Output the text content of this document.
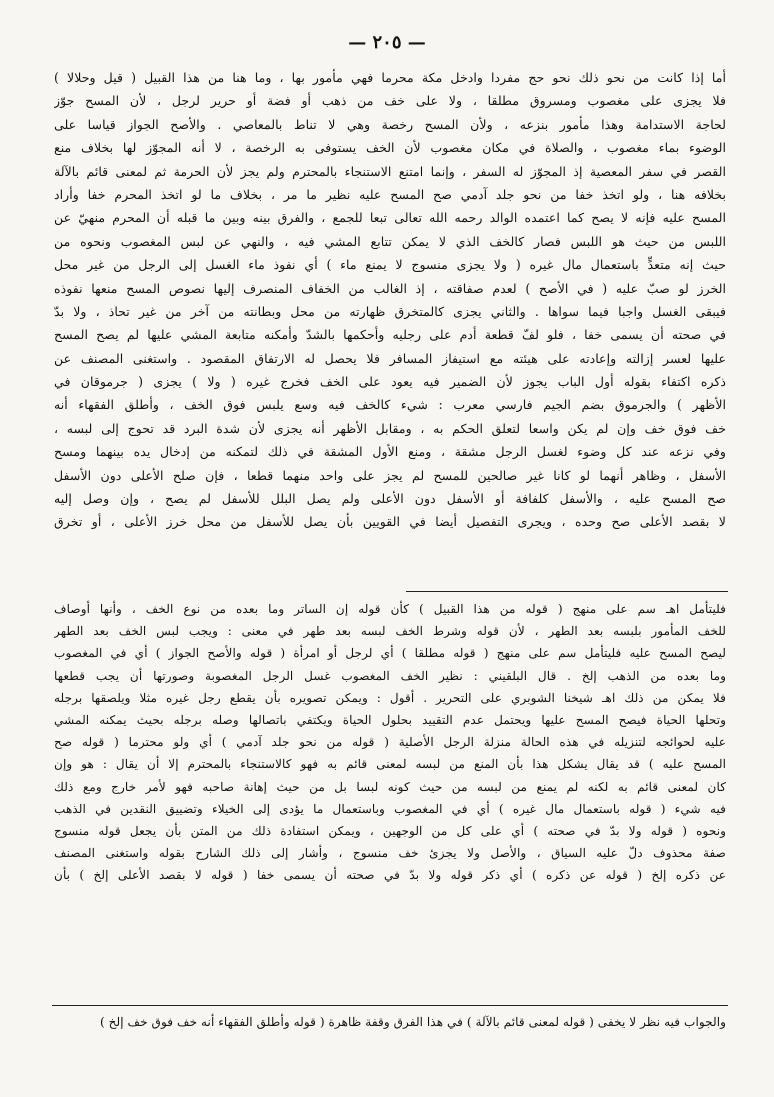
— ٢٠٥ —
أما إذا كانت من نحو ذلك نحو حج مفردا وادخل مكة محرما فهي مأمور بها ، وما هنا من هذا القبيل ( قيل وحلالا )
فلا يجزى على مغصوب ومسروق مطلقا ، ولا على خف من ذهب أو فضة أو حرير لرجل ، لأن المسح جوّز
لحاجة الاستدامة وهذا مأمور بنزعه ، ولأن المسح رخصة وهي لا تناط بالمعاصي . والأصح الجواز قياسا على
الوضوء بماء مغصوب ، والصلاة في مكان مغصوب لأن الخف يستوفى به الرخصة ، لا أنه المجوّز لها بخلاف منع
القصر في سفر المعصية إذ المجوّز له السفر ، وإنما امتنع الاستنجاء بالمحترم ولم يجز لأن الحرمة ثم لمعنى قائم بالآلة
بخلافه هنا ، ولو اتخذ خفا من نحو جلد آدمي صح المسح عليه نظير ما مر ، بخلاف ما لو اتخذ المحرم خفا وأراد
المسح عليه فإنه لا يصح كما اعتمده الوالد رحمه الله تعالى تبعا للجمع ، والفرق بينه وبين ما قبله أن المحرم منهيّ عن
اللبس من حيث هو اللبس فصار كالخف الذي لا يمكن تتابع المشي فيه ، والنهي عن لبس المغصوب ونحوه من
حيث إنه متعدٍّ باستعمال مال غيره ( ولا يجزى منسوج لا يمنع ماء ) أي نفوذ ماء الغسل إلى الرجل من غير محل
الخرز لو صبّ عليه ( في الأصح ) لعدم صفاقته ، إذ الغالب من الخفاف المنصرف إليها نصوص المسح منعها نفوذه
فيبقى الغسل واجبا فيما سواها . والثاني يجزى كالمتخرق ظهارته من محل وبطانته من آخر من غير تحاذ ، ولا بدّ
في صحته أن يسمى خفا ، فلو لفّ قطعة أدم على رجليه وأحكمها بالشدّ وأمكنه متابعة المشي عليها لم يصح المسح
عليها لعسر إزالته وإعادته على هيئته مع استيفاز المسافر فلا يحصل له الارتفاق المقصود . واستغنى المصنف عن
ذكره اكتفاء بقوله أول الباب يجوز لأن الضمير فيه يعود على الخف فخرج غيره ( ولا ) يجزى ( جرموقان في
الأظهر ) والجرموق بضم الجيم فارسي معرب : شيء كالخف فيه وسع يلبس فوق الخف ، وأطلق الفقهاء أنه
خف فوق خف وإن لم يكن واسعا لتعلق الحكم به ، ومقابل الأظهر أنه يجزى لأن شدة البرد قد تحوج إلى لبسه ،
وفي نزعه عند كل وضوء لغسل الرجل مشقة ، ومنع الأول المشقة في ذلك لتمكنه من إدخال يده بينهما ومسح
الأسفل ، وظاهر أنهما لو كانا غير صالحين للمسح لم يجز على واحد منهما قطعا ، فإن صلح الأعلى دون الأسفل
صح المسح عليه ، والأسفل كلفافة أو الأسفل دون الأعلى ولم يصل البلل للأسفل لم يصح ، وإن وصل إليه
لا بقصد الأعلى صح وحده ، ويجرى التفصيل أيضا في القويين بأن يصل للأسفل من محل خرز الأعلى ، أو تخرق
فليتأمل اهـ سم على منهج ( قوله من هذا القبيل ) كأن قوله إن الساتر وما بعده من نوع الخف ، وأنها أوصاف
للخف المأمور بلبسه بعد الطهر ، لأن قوله وشرط الخف لبسه بعد طهر في معنى : ويجب لبس الخف بعد الطهر
ليصح المسح عليه فليتأمل سم على منهج ( قوله مطلقا ) أي لرجل أو امرأة ( قوله والأصح الجواز ) أي في المغصوب
وما بعده من الذهب إلخ . قال البلقيني : نظير الخف المغصوب غسل الرجل المغصوبة وصورتها أن يجب قطعها
فلا يمكن من ذلك اهـ شيخنا الشوبري على التحرير . أقول : ويمكن تصويره بأن يقطع رجل غيره مثلا ويلصقها برجله
وتحلها الحياة فيصح المسح عليها ويحتمل عدم التقييد بحلول الحياة ويكتفي باتصالها وصله برجله بحيث يمكنه المشي
عليه لحوائجه لتنزيله في هذه الحالة منزلة الرجل الأصلية ( قوله من نحو جلد آدمي ) أي ولو محترما ( قوله صح
المسح عليه ) قد يقال يشكل هذا بأن المنع من لبسه لمعنى قائم به فهو كالاستنجاء بالمحترم إلا أن يقال : هو وإن
كان لمعنى قائم به لكنه لم يمنع من لبسه من حيث كونه لبسا بل من حيث إهانة صاحبه فهو لأمر خارج ومع ذلك
فيه شيء ( قوله باستعمال مال غيره ) أي في المغصوب وباستعمال ما يؤدى إلى الخيلاء وتضييق النقدين في الذهب
ونحوه ( قوله ولا بدّ في صحته ) أي على كل من الوجهين ، ويمكن استفادة ذلك من المتن بأن يجعل قوله منسوج
صفة محذوف دلّ عليه السياق ، والأصل ولا يجزئ خف منسوج ، وأشار إلى ذلك الشارح بقوله واستغنى المصنف
عن ذكره إلخ ( قوله عن ذكره ) أي ذكر قوله ولا بدّ في صحته أن يسمى خفا ( قوله لا بقصد الأعلى إلخ ) بأن
والجواب فيه نظر لا يخفى ( قوله لمعنى قائم بالآلة ) في هذا الفرق وقفة ظاهرة ( قوله وأطلق الفقهاء أنه خف فوق خف إلخ )
